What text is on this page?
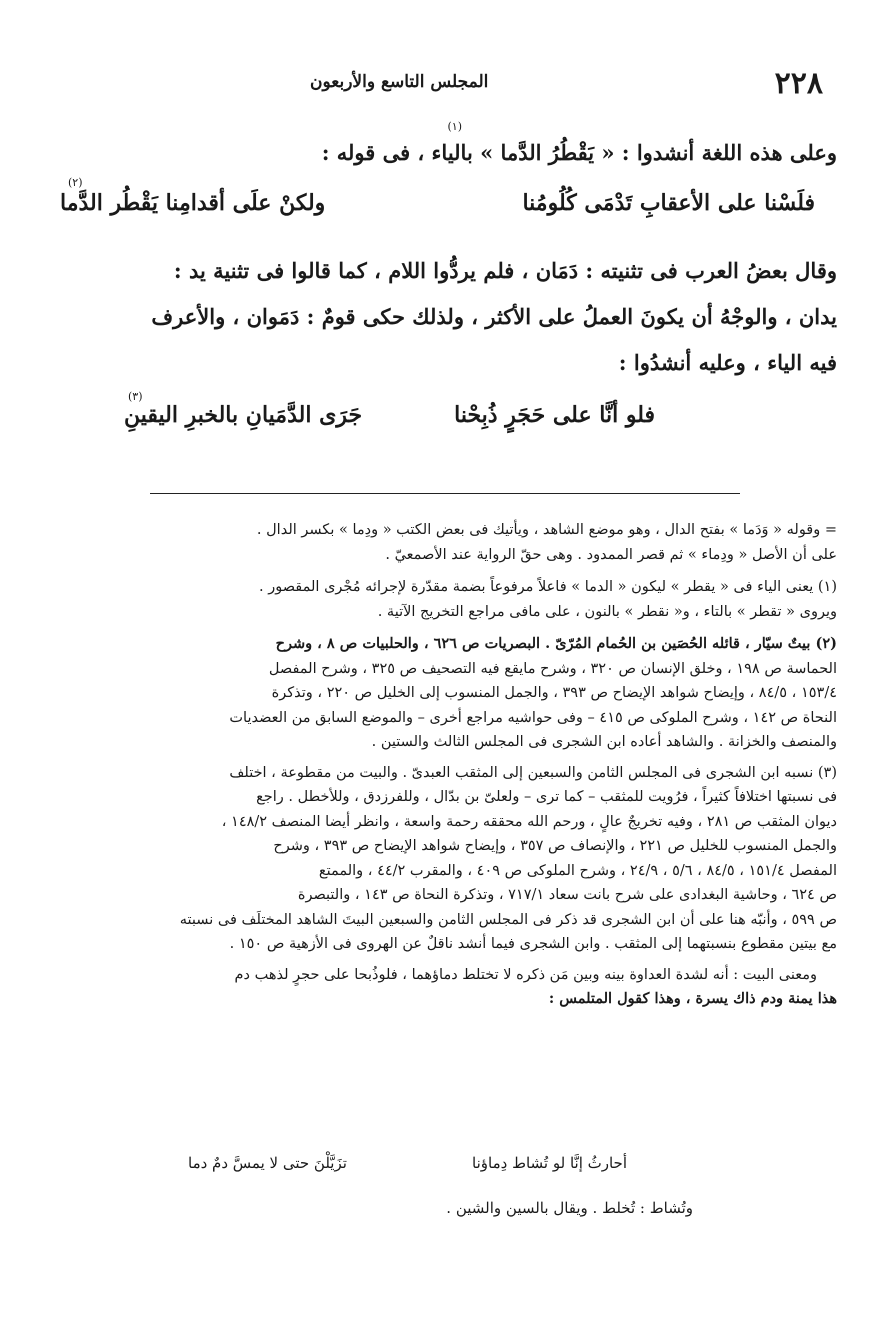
٢٢٨
المجلس التاسع والأربعون
وعلى هذه اللغة أنشدوا : « يَقْطُرُ الدَّما » بالياء ، فى قوله :
(١)
فلَسْنا على الأعقابِ تَدْمَى كُلُومُنا
ولكنْ علَى أقدامِنا يَقْطُر الدَّما
(٢)
وقال بعضُ العرب فى تثنيته : دَمَان ، فلم يردُّوا اللام ، كما قالوا فى تثنية يد :
يدان ، والوجْهُ أن يكونَ العملُ على الأكثر ، ولذلك حكى قومٌ : دَمَوان ، والأعرف
فيه الياء ، وعليه أنشدُوا :
فلو أنَّا على حَجَرٍ ذُبِحْنا
جَرَى الدَّمَيانِ بالخبرِ اليقينِ
(٣)
= وقوله « وَدَما » بفتح الدال ، وهو موضع الشاهد ، ويأتيك فى بعض الكتب « ودِما » بكسر الدال .
على أن الأصل « ودِماء » ثم قصر الممدود . وهى حقّ الرواية عند الأصمعيّ .
(١) يعنى الياء فى « يقطر » ليكون « الدما » فاعلاً مرفوعاً بضمة مقدّرة لإجرائه مُجْرى المقصور .
ويروى « تقطر » بالتاء ، و« نقطر » بالنون ، على مافى مراجع التخريج الآتية .
(٢) بيتٌ سيّار ، قائله الحُصَين بن الحُمام المُرّىّ . البصريات ص ٦٢٦ ، والحلبيات ص ٨ ، وشرح
الحماسة ص ١٩٨ ، وخلق الإنسان ص ٣٢٠ ، وشرح مايقع فيه التصحيف ص ٣٢٥ ، وشرح المفصل
١٥٣/٤ ، ٨٤/٥ ، وإيضاح شواهد الإيضاح ص ٣٩٣ ، والجمل المنسوب إلى الخليل ص ٢٢٠ ، وتذكرة
النحاة ص ١٤٢ ، وشرح الملوكى ص ٤١٥ – وفى حواشيه مراجع أخرى – والموضع السابق من العضديات
والمنصف والخزانة . والشاهد أعاده ابن الشجرى فى المجلس الثالث والستين .
(٣) نسبه ابن الشجرى فى المجلس الثامن والسبعين إلى المثقب العبدىّ . والبيت من مقطوعة ، اختلف
فى نسبتها اختلافاً كثيراً ، فرُويت للمثقب – كما ترى – ولعلىّ بن بدّال ، وللفرزدق ، وللأخطل . راجع
ديوان المثقب ص ٢٨١ ، وفيه تخريجٌ عالٍ ، ورحم الله محققه رحمة واسعة ، وانظر أيضا المنصف ١٤٨/٢ ،
والجمل المنسوب للخليل ص ٢٢١ ، والإنصاف ص ٣٥٧ ، وإيضاح شواهد الإيضاح ص ٣٩٣ ، وشرح
المفصل ١٥١/٤ ، ٨٤/٥ ، ٥/٦ ، ٢٤/٩ ، وشرح الملوكى ص ٤٠٩ ، والمقرب ٤٤/٢ ، والممتع
ص ٦٢٤ ، وحاشية البغدادى على شرح بانت سعاد ٧١٧/١ ، وتذكرة النحاة ص ١٤٣ ، والتبصرة
ص ٥٩٩ ، وأنبّه هنا على أن ابن الشجرى قد ذكر فى المجلس الثامن والسبعين البيتَ الشاهد المختلَف فى نسبته
مع بيتين مقطوع بنسبتهما إلى المثقب . وابن الشجرى فيما أنشد ناقلٌ عن الهروى فى الأزهية ص ١٥٠ .
ومعنى البيت : أنه لشدة العداوة بينه وبين مَن ذكره لا تختلط دماؤهما ، فلوذُبحا على حجرٍ لذهب دم
هذا يمنة ودم ذاك يسرة ، وهذا كقول المتلمس :
أحارثُ إنَّا لو تُشاط دِماؤنا
تزَيَّلْنَ حتى لا يمسَّ دمٌ دما
وتُشاط : تُخلط . ويقال بالسين والشين .
